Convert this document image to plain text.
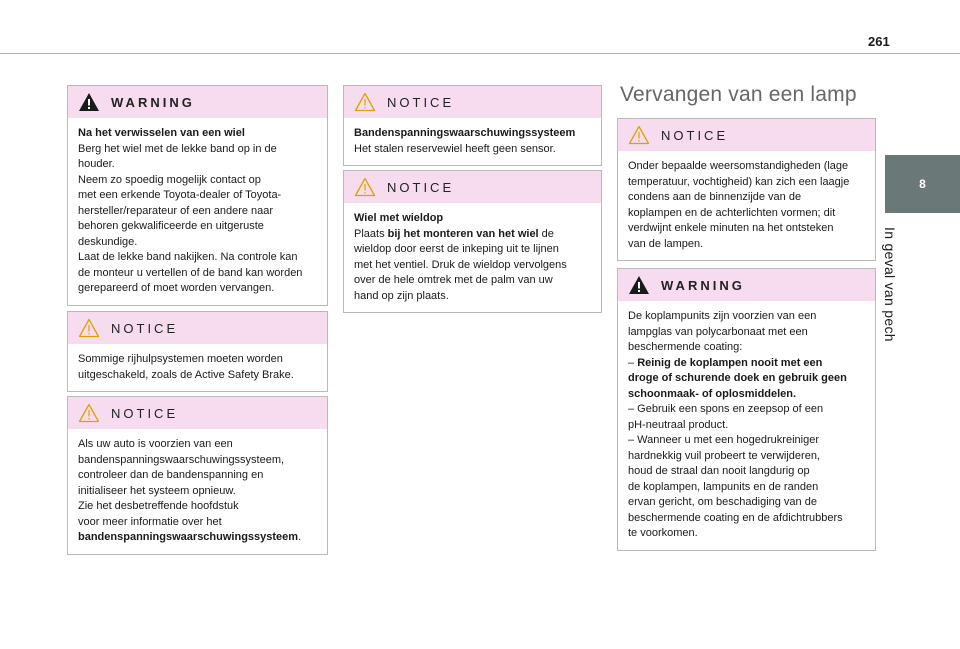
261
8
In geval van pech
WARNING

Na het verwisselen van een wiel

Berg het wiel met de lekke band op in de

houder.

Neem zo spoedig mogelijk contact op

met een erkende Toyota-dealer of Toyota-

hersteller/reparateur of een andere naar

behoren gekwalificeerde en uitgeruste

deskundige.

Laat de lekke band nakijken. Na controle kan

de monteur u vertellen of de band kan worden

gerepareerd of moet worden vervangen.

NOTICE

Sommige rijhulpsystemen moeten worden

uitgeschakeld, zoals de Active Safety Brake.

NOTICE

Als uw auto is voorzien van een

bandenspanningswaarschuwingssysteem,

controleer dan de bandenspanning en

initialiseer het systeem opnieuw.

Zie het desbetreffende hoofdstuk

voor meer informatie over het

bandenspanningswaarschuwingssysteem.

NOTICE

Bandenspanningswaarschuwingssysteem

Het stalen reservewiel heeft geen sensor.

NOTICE

Wiel met wieldop

Plaats bij het monteren van het wiel de

wieldop door eerst de inkeping uit te lijnen

met het ventiel. Druk de wieldop vervolgens

over de hele omtrek met de palm van uw

hand op zijn plaats.

Vervangen van een lamp
NOTICE

Onder bepaalde weersomstandigheden (lage

temperatuur, vochtigheid) kan zich een laagje

condens aan de binnenzijde van de

koplampen en de achterlichten vormen; dit

verdwijnt enkele minuten na het ontsteken

van de lampen.

WARNING

De koplampunits zijn voorzien van een

lampglas van polycarbonaat met een

beschermende coating:

– Reinig de koplampen nooit met een

droge of schurende doek en gebruik geen

schoonmaak- of oplosmiddelen.

– Gebruik een spons en zeepsop of een

pH-neutraal product.

– Wanneer u met een hogedrukreiniger

hardnekkig vuil probeert te verwijderen,

houd de straal dan nooit langdurig op

de koplampen, lampunits en de randen

ervan gericht, om beschadiging van de

beschermende coating en de afdichtrubbers

te voorkomen.
